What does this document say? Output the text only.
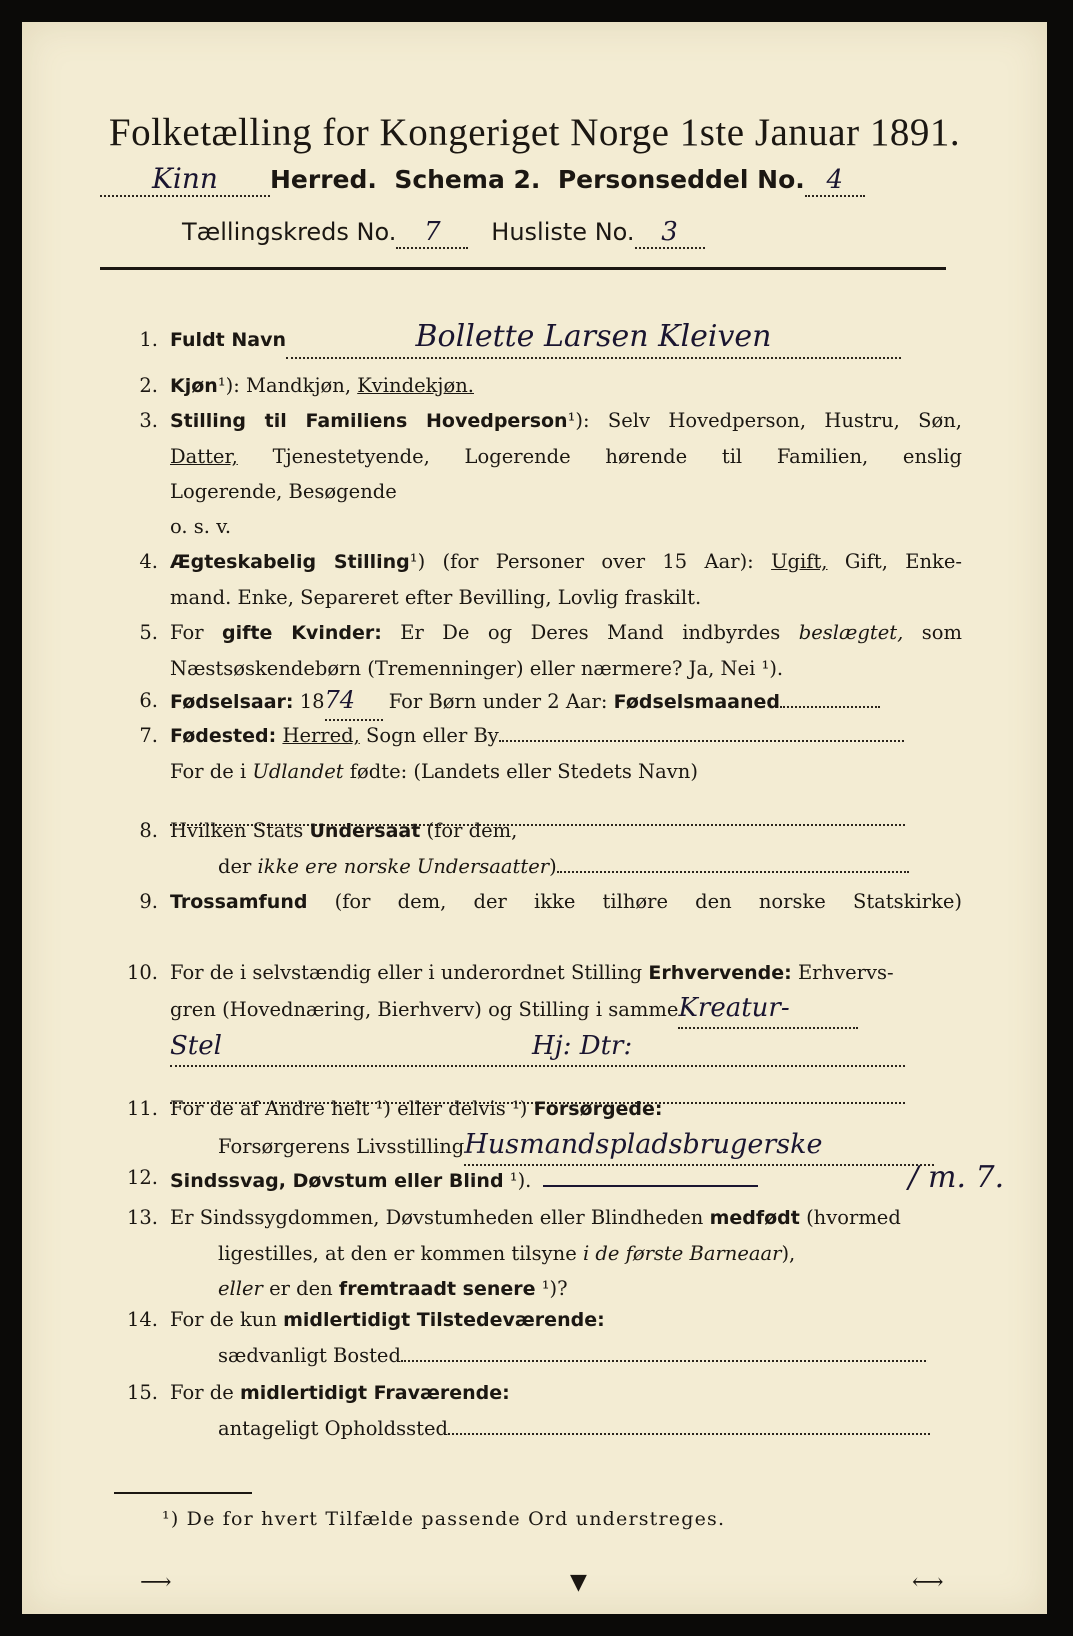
Folketælling for Kongeriget Norge 1ste Januar 1891.
Kinn Herred. Schema 2. Personseddel No. 4
Tællingskreds No. 7 Husliste No. 3
1. Fuldt Navn	Bollette Larsen Kleiven
2. Kjøn¹): Mandkjøn, Kvindekjøn.
3. Stilling til Familiens Hovedperson¹): Selv Hovedperson, Hustru, Søn,
Datter, Tjenestetyende, Logerende hørende til Familien, enslig
Logerende, Besøgende
o. s. v.
4. Ægteskabelig Stilling¹) (for Personer over 15 Aar): Ugift, Gift, Enke-
mand. Enke, Separeret efter Bevilling, Lovlig fraskilt.
5. For gifte Kvinder: Er De og Deres Mand indbyrdes beslægtet, som
Næstsøskendebørn (Tremenninger) eller nærmere? Ja, Nei ¹).
6. Fødselsaar: 1874 For Børn under 2 Aar: Fødselsmaaned
7. Fødested: Herred, Sogn eller By
For de i Udlandet fødte: (Landets eller Stedets Navn)

8. Hvilken Stats Undersaat (for dem,
der ikke ere norske Undersaatter)
9. Trossamfund (for dem, der ikke tilhøre den norske Statskirke)
10. For de i selvstændig eller i underordnet Stilling Erhvervende: Erhvervs-
gren (Hovednæring, Bierhverv) og Stilling i sammeKreatur-
Stel	Hj: Dtr:

11. For de af Andre helt ¹) eller delvis ¹) Forsørgede:
Forsørgerens LivsstillingHusmandspladsbrugerske
12. Sindssvag, Døvstum eller Blind ¹).	/ m. 7.
13. Er Sindssygdommen, Døvstumheden eller Blindheden medfødt (hvormed
ligestilles, at den er kommen tilsyne i de første Barneaar),
eller er den fremtraadt senere ¹)?
14. For de kun midlertidigt Tilstedeværende:
sædvanligt Bosted
15. For de midlertidigt Fraværende:
antageligt Opholdssted
¹) De for hvert Tilfælde passende Ord understreges.
⟶	▼	⟷
